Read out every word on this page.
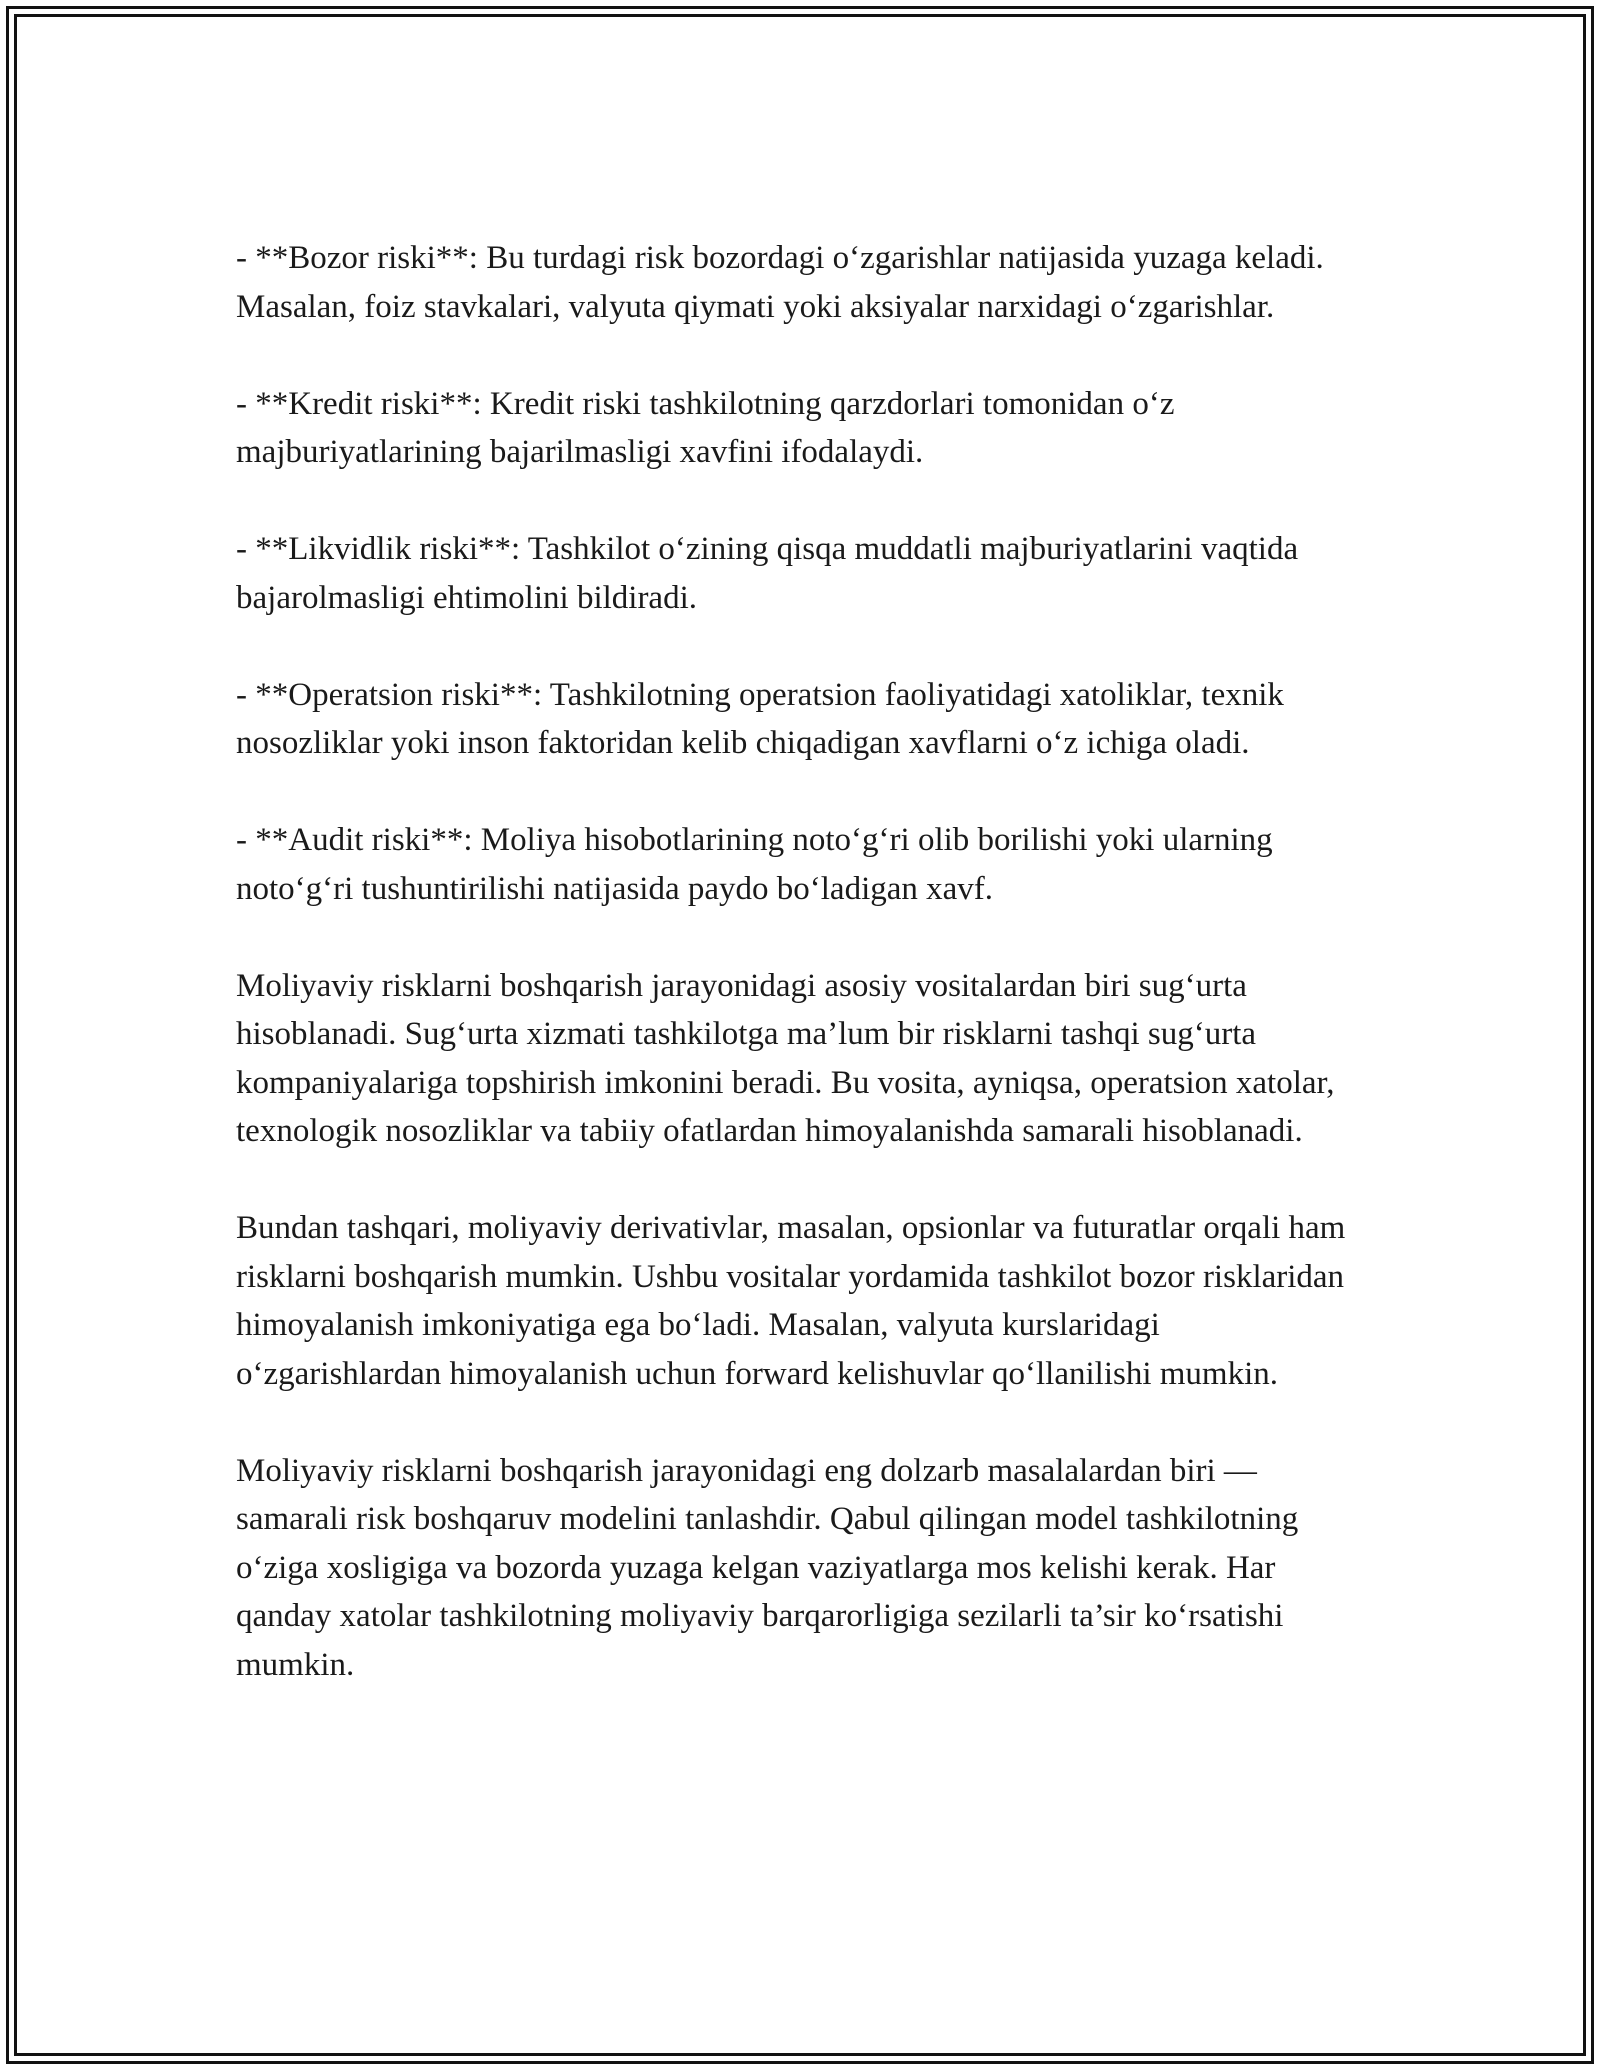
- **Bozor riski**: Bu turdagi risk bozordagi o‘zgarishlar natijasida yuzaga keladi. Masalan, foiz stavkalari, valyuta qiymati yoki aksiyalar narxidagi o‘zgarishlar.

- **Kredit riski**: Kredit riski tashkilotning qarzdorlari tomonidan o‘z majburiyatlarining bajarilmasligi xavfini ifodalaydi.

- **Likvidlik riski**: Tashkilot o‘zining qisqa muddatli majburiyatlarini vaqtida bajarolmasligi ehtimolini bildiradi.

- **Operatsion riski**: Tashkilotning operatsion faoliyatidagi xatoliklar, texnik nosozliklar yoki inson faktoridan kelib chiqadigan xavflarni o‘z ichiga oladi.

- **Audit riski**: Moliya hisobotlarining noto‘g‘ri olib borilishi yoki ularning noto‘g‘ri tushuntirilishi natijasida paydo bo‘ladigan xavf.

Moliyaviy risklarni boshqarish jarayonidagi asosiy vositalardan biri sug‘urta hisoblanadi. Sug‘urta xizmati tashkilotga ma’lum bir risklarni tashqi sug‘urta kompaniyalariga topshirish imkonini beradi. Bu vosita, ayniqsa, operatsion xatolar, texnologik nosozliklar va tabiiy ofatlardan himoyalanishda samarali hisoblanadi.

Bundan tashqari, moliyaviy derivativlar, masalan, opsionlar va futuratlar orqali ham risklarni boshqarish mumkin. Ushbu vositalar yordamida tashkilot bozor risklaridan himoyalanish imkoniyatiga ega bo‘ladi. Masalan, valyuta kurslaridagi o‘zgarishlardan himoyalanish uchun forward kelishuvlar qo‘llanilishi mumkin.

Moliyaviy risklarni boshqarish jarayonidagi eng dolzarb masalalardan biri — samarali risk boshqaruv modelini tanlashdir. Qabul qilingan model tashkilotning o‘ziga xosligiga va bozorda yuzaga kelgan vaziyatlarga mos kelishi kerak. Har qanday xatolar tashkilotning moliyaviy barqarorligiga sezilarli ta’sir ko‘rsatishi mumkin.
